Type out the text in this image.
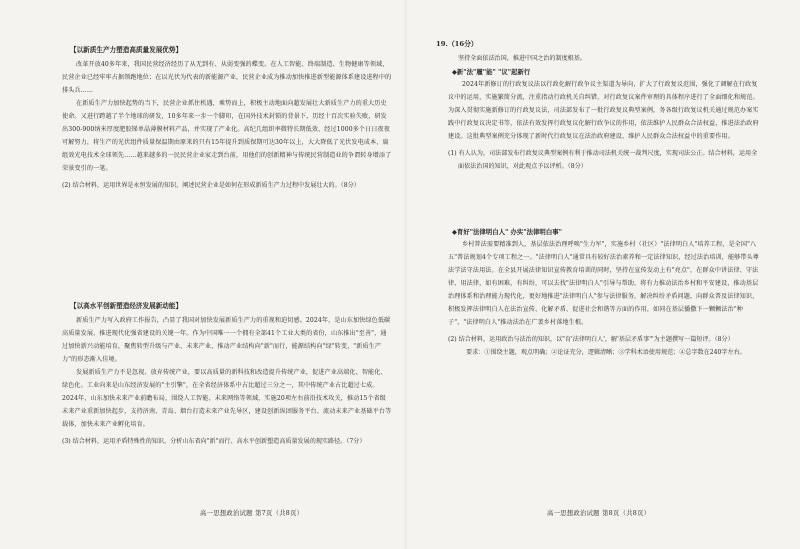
【以新质生产力塑造高质量发展优势】

改革开放40多年来，我国民营经济经历了从无到有、从弱变强的蝶变。在人工智能、终端制造、生物健康等领域，民营企业已经牢牢占据领跑地位；在以光伏为代表的新能源产业，民营企业成为推动加快推进新型能源体系建设进程中的排头兵……

在新质生产力加快起势的当下，民营企业抓住机遇，乘势而上，积极主动地面向超发展壮大新质生产力的重大历史使命。又进行跨越了半个地球的研发，10多年来一步一个脚印，在国外技术封锁的背景下，历经十百次实验失败，研发出300-900纳米厚度肥胶锑单晶薄膜材料产品，并实现了产业化。高纪几组织率微特长期低效，经过1000多个日日夜夜可解努力，将生产的光伏组件质量保温期由原来的只有15年提升到质保期可达30年以上，大大降低了光伏发电成本，扁组效光电技术全球领先……越来越多的一民民营企业家走到台前，用他们的创新精神与传统民营制造业的争谓转身增添了荣景变引的一笔。

(2) 结合材料，运用世界是永恒发展的知识，阐述民营企业是如何在形成新质生产力过程中发展壮大的。（8分）

【以高水平创新塑造经济发展新动能】

新质生产力写入政府工作报告，凸显了我国对加快发展新质生产力的重视和迫切感。2024年，是山东加快绿色低碳高质量发展、推进现代化强省建设的关键一年。作为中国唯一一个拥有全部41个工业大类的省份，山东推出"至善"，通过加快新兴动能培育，聚焦转型升级与产业、未来产业，推动产业结构向"新"而行，能源结构向"绿"转变，"新质生产力"的形态渐入佳境。

发展新质生产力不是忽视、放弃传统产业，要以高质量的新科技和改造提升传统产业，促进产业高端化、智能化、绿色化。工业向来是山东经济发展的"主引擎"，在全省经济体系中占比超过三分之一，其中传统产业占比超过七成。2024年，山东加快未来产业前瞻布局，围绕人工智能、未来网络等领域，实施20项左右前沿技术攻关，推动15个省级未来产业重新加快起步，支持济南、青岛、烟台打造未来产业先导区，建设创新纵团服务平台、流动未来产业基础平台等载体，加快未来产业孵化培育。

(3) 结合材料，运用矛盾特殊性的知识，分析山东省向"新"而行、高水平创新塑造高质量发展的现实路径。（7分）

19.（16分）
坚持全面依法治国，推进中国之治的制度根基。
◆新"法"履"能" "议"起新行

2024年新修订的行政复议法以行政化解行政争议主渠道为导向，扩大了行政复议范围，强化了调解在行政复议中的运用，实施繁简分流，注重指动行政机关自纠错，对行政复议案件审理的具体程序进行了全面细化和规范。为深入贯彻实施新修订的行政复议法，司法部发布了一批行政复议典型案例，务各级行政复议机关通过规范办案实践中行政复议决定书等，依法有效发挥行政复议化解行政争议的作用，依法维护人民群众合法权益，推进法治政府建设。这批典型案例充分体现了新时代行政复议在法治政府建设、维护人民群众合法权益中的重要作用。

(1) 有人认为，司法部发布行政复议典型案例有利于推动司法机关统一裁判尺度，实现司法公正。结合材料，运用全面依法治国的知识，对此观点予以评析。（8分）

◆育好"法律明白人" 办实"法律明白事"

乡村普法需要精准到人，基层依法治理呼唤"生力军"，实施乡村（社区）"法律明白人"培养工程，是全国"八五"普法规划4个专项工程之一。"法律明白人"通常具有较好法治素养和一定法律知识，经过法治培训，能够带头尊法学法守法用法。在全县开展法律知识宣传教育培训的同时，坚持在宣传发动上有"亮点"，在群众中讲法律、守法律、用法律，如有困难，有纠纷，可以去找"法律明白人"引导与帮助，将有力推动法治乡村和平安建设，推动基层治理体系和治理能力现代化，更好地推进"法律明白人"参与法律服务，解决纠纷矛盾问题，向群众普及法律知识，积极发挥法律明白人在法治宣传、化解矛盾、促进社会和谐等方面的作用，如同在基层播撒下一颗颗法治"种子"，"法律明白人"推动法治在广袤乡村落地生根。

(2) 结合材料，运用政治与法治的知识，以"育'法律明白人'，解'基层矛盾事'"为主题撰写一篇短评。（8分）

要求：①围绕主题，观点明确；②论证充分，逻辑清晰；③学科术语使用规范；④总字数在240字左右。

高一思想政治试题 第7页（共8页）	高一思想政治试题 第8页（共8页）
